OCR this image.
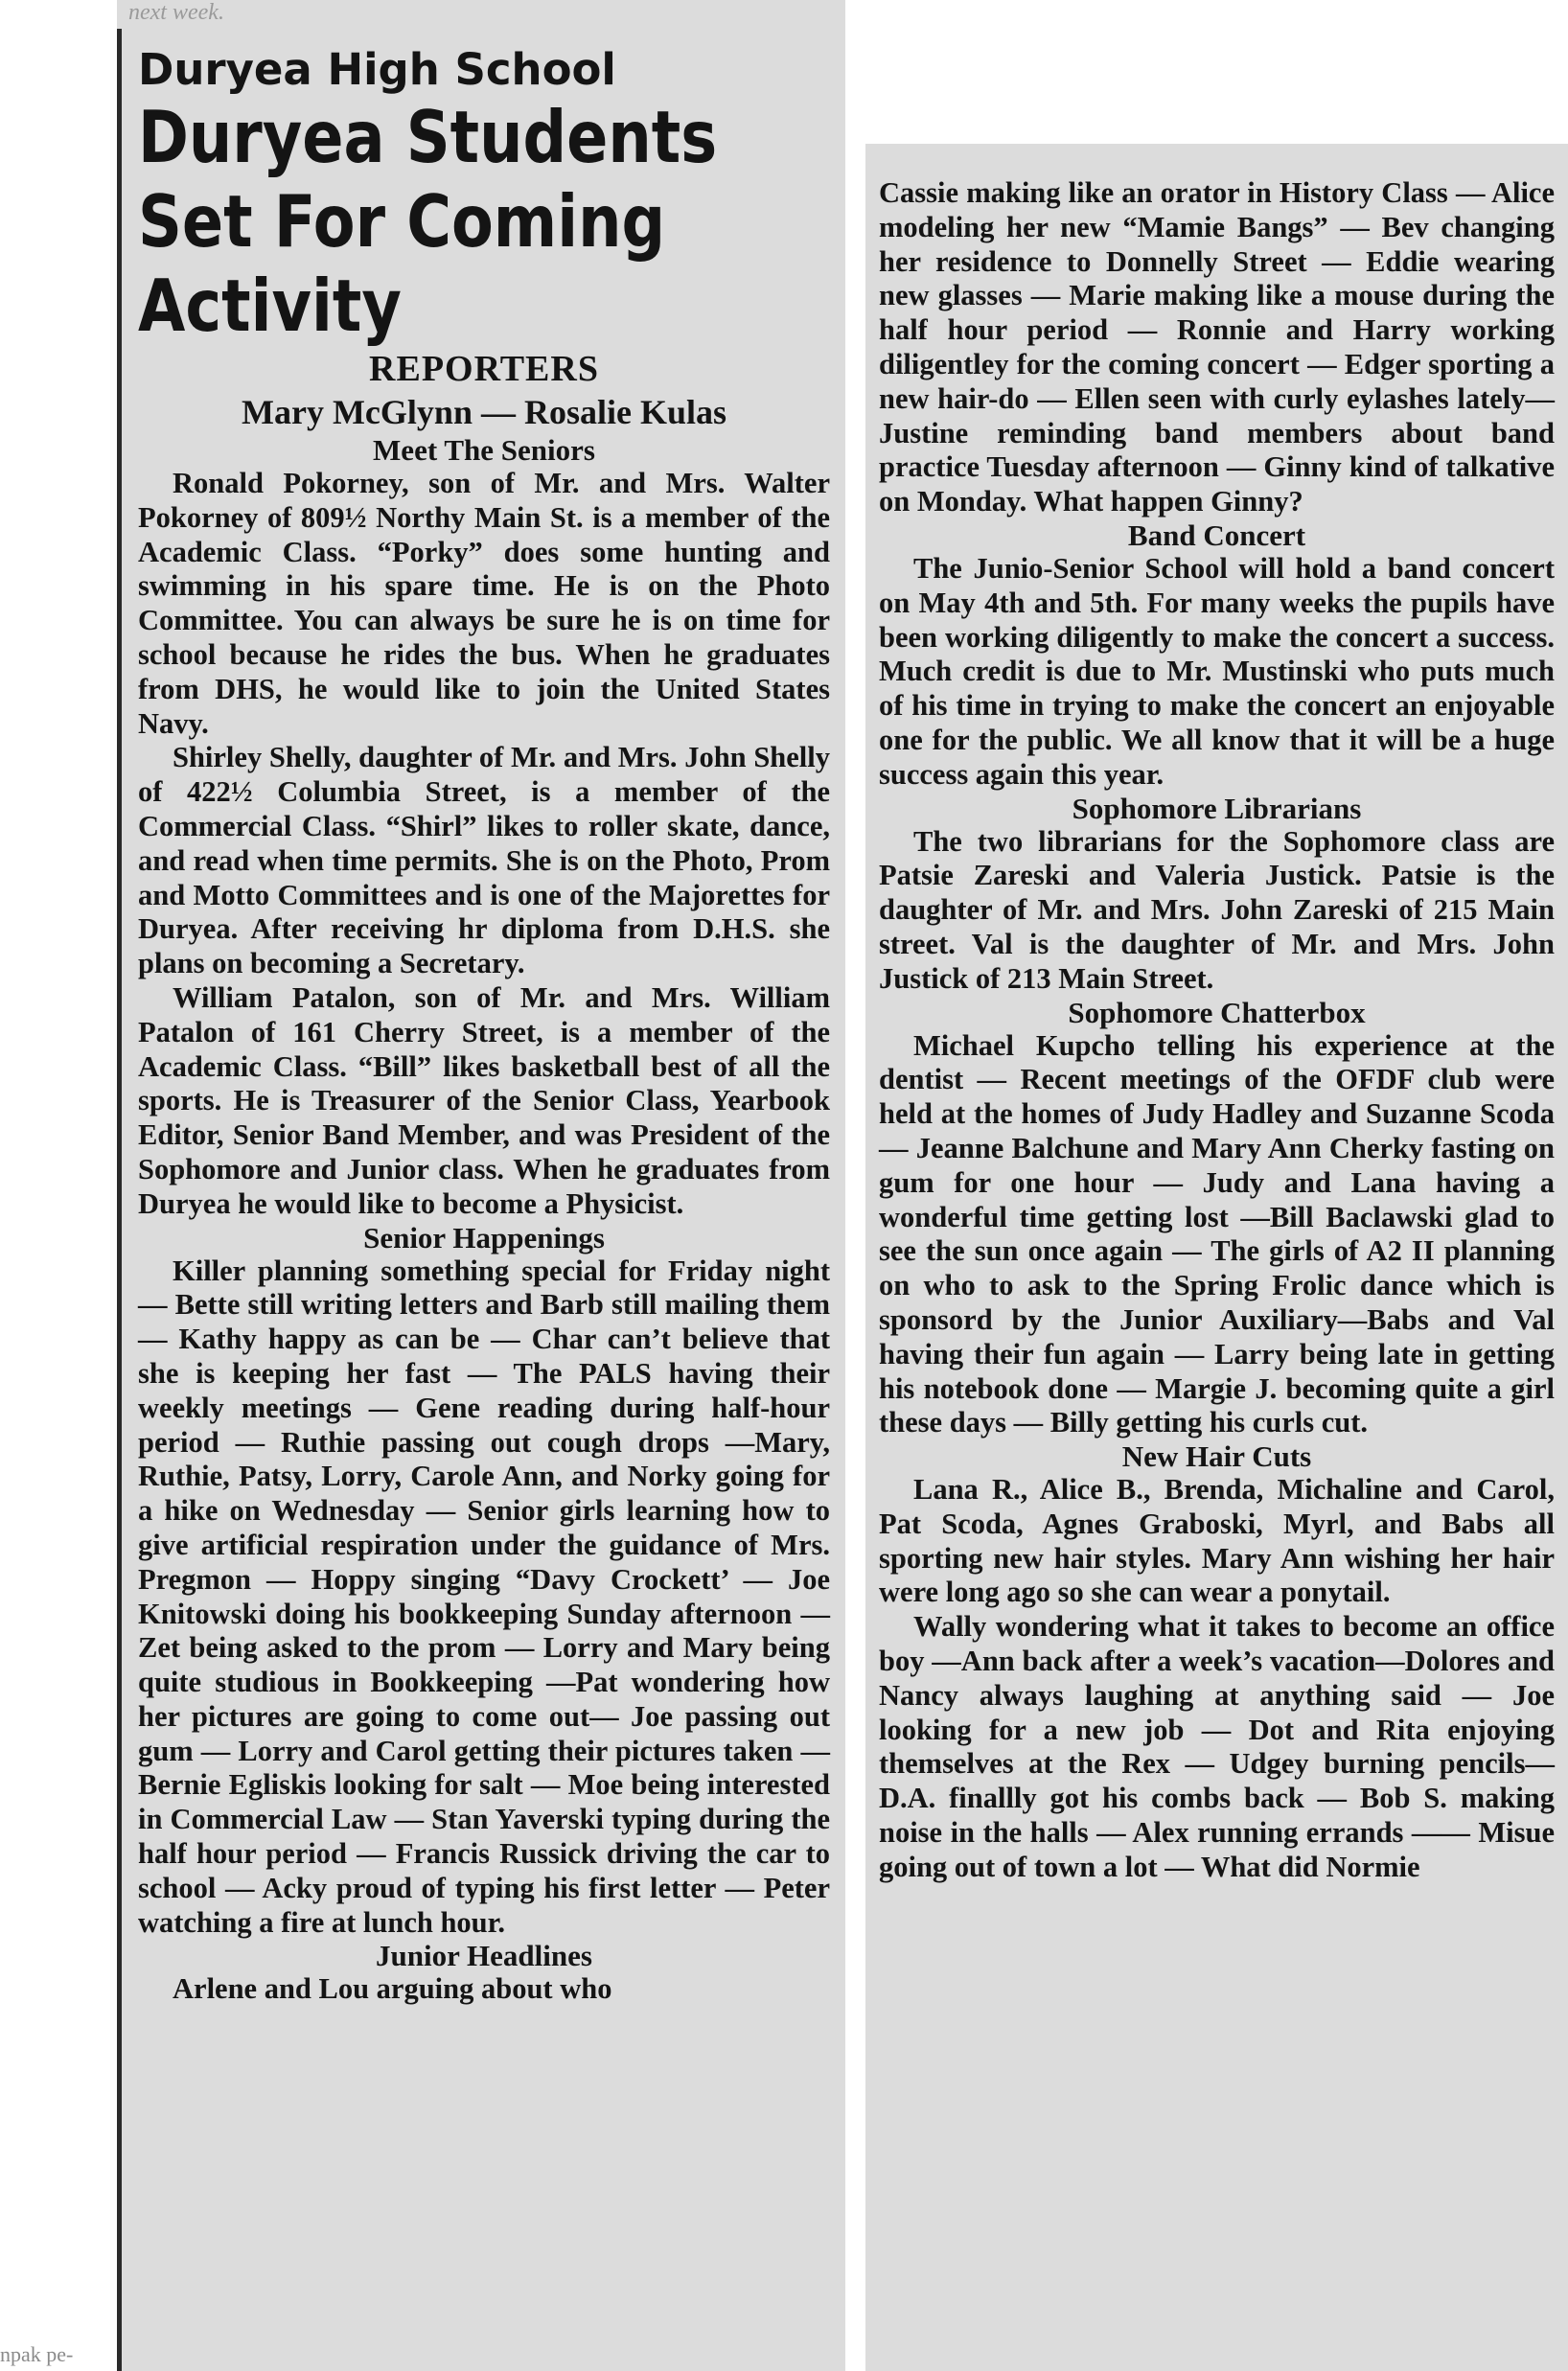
next week.
Duryea High School
Duryea Students Set For Coming Activity
REPORTERS
Mary McGlynn — Rosalie Kulas
Meet The Seniors

Ronald Pokorney, son of Mr. and Mrs. Walter Pokorney of 809½ Northy Main St. is a member of the Academic Class. “Porky” does some hunting and swimming in his spare time. He is on the Photo Committee. You can always be sure he is on time for school because he rides the bus. When he graduates from DHS, he would like to join the United States Navy.

Shirley Shelly, daughter of Mr. and Mrs. John Shelly of 422½ Columbia Street, is a member of the Commercial Class. “Shirl” likes to roller skate, dance, and read when time permits. She is on the Photo, Prom and Motto Committees and is one of the Majorettes for Duryea. After receiving hr diploma from D.H.S. she plans on becoming a Secretary.

William Patalon, son of Mr. and Mrs. William Patalon of 161 Cherry Street, is a member of the Academic Class. “Bill” likes basketball best of all the sports. He is Treasurer of the Senior Class, Yearbook Editor, Senior Band Member, and was President of the Sophomore and Junior class. When he graduates from Duryea he would like to become a Physicist.

Senior Happenings

Killer planning something special for Friday night — Bette still writing letters and Barb still mailing them — Kathy happy as can be — Char can’t believe that she is keeping her fast — The PALS having their weekly meetings — Gene reading during half-hour period — Ruthie passing out cough drops —Mary, Ruthie, Patsy, Lorry, Carole Ann, and Norky going for a hike on Wednesday — Senior girls learning how to give artificial respiration under the guidance of Mrs. Pregmon — Hoppy singing “Davy Crockett’ — Joe Knitowski doing his bookkeeping Sunday afternoon — Zet being asked to the prom — Lorry and Mary being quite studious in Bookkeeping —Pat wondering how her pictures are going to come out— Joe passing out gum — Lorry and Carol getting their pictures taken — Bernie Egliskis looking for salt — Moe being interested in Commercial Law — Stan Yaverski typing during the half hour period — Francis Russick driving the car to school — Acky proud of typing his first letter — Peter watching a fire at lunch hour.

Junior Headlines

Arlene and Lou arguing about who

npak pe-

Cassie making like an orator in History Class — Alice modeling her new “Mamie Bangs” — Bev changing her residence to Donnelly Street — Eddie wearing new glasses — Marie making like a mouse during the half hour period — Ronnie and Harry working diligentley for the coming concert — Edger sporting a new hair-do — Ellen seen with curly eylashes lately— Justine reminding band members about band practice Tuesday afternoon — Ginny kind of talkative on Monday. What happen Ginny?

Band Concert

The Junio-Senior School will hold a band concert on May 4th and 5th. For many weeks the pupils have been working diligently to make the concert a success. Much credit is due to Mr. Mustinski who puts much of his time in trying to make the concert an enjoyable one for the public. We all know that it will be a huge success again this year.

Sophomore Librarians

The two librarians for the Sophomore class are Patsie Zareski and Valeria Justick. Patsie is the daughter of Mr. and Mrs. John Zareski of 215 Main street. Val is the daughter of Mr. and Mrs. John Justick of 213 Main Street.

Sophomore Chatterbox

Michael Kupcho telling his experience at the dentist — Recent meetings of the OFDF club were held at the homes of Judy Hadley and Suzanne Scoda — Jeanne Balchune and Mary Ann Cherky fasting on gum for one hour — Judy and Lana having a wonderful time getting lost —Bill Baclawski glad to see the sun once again — The girls of A2 II planning on who to ask to the Spring Frolic dance which is sponsord by the Junior Auxiliary—Babs and Val having their fun again — Larry being late in getting his notebook done — Margie J. becoming quite a girl these days — Billy getting his curls cut.

New Hair Cuts

Lana R., Alice B., Brenda, Michaline and Carol, Pat Scoda, Agnes Graboski, Myrl, and Babs all sporting new hair styles. Mary Ann wishing her hair were long ago so she can wear a ponytail.

Wally wondering what it takes to become an office boy —Ann back after a week’s vacation—Dolores and Nancy always laughing at anything said — Joe looking for a new job — Dot and Rita enjoying themselves at the Rex — Udgey burning pencils—D.A. finallly got his combs back — Bob S. making noise in the halls — Alex running errands —— Misue going out of town a lot — What did Normie
